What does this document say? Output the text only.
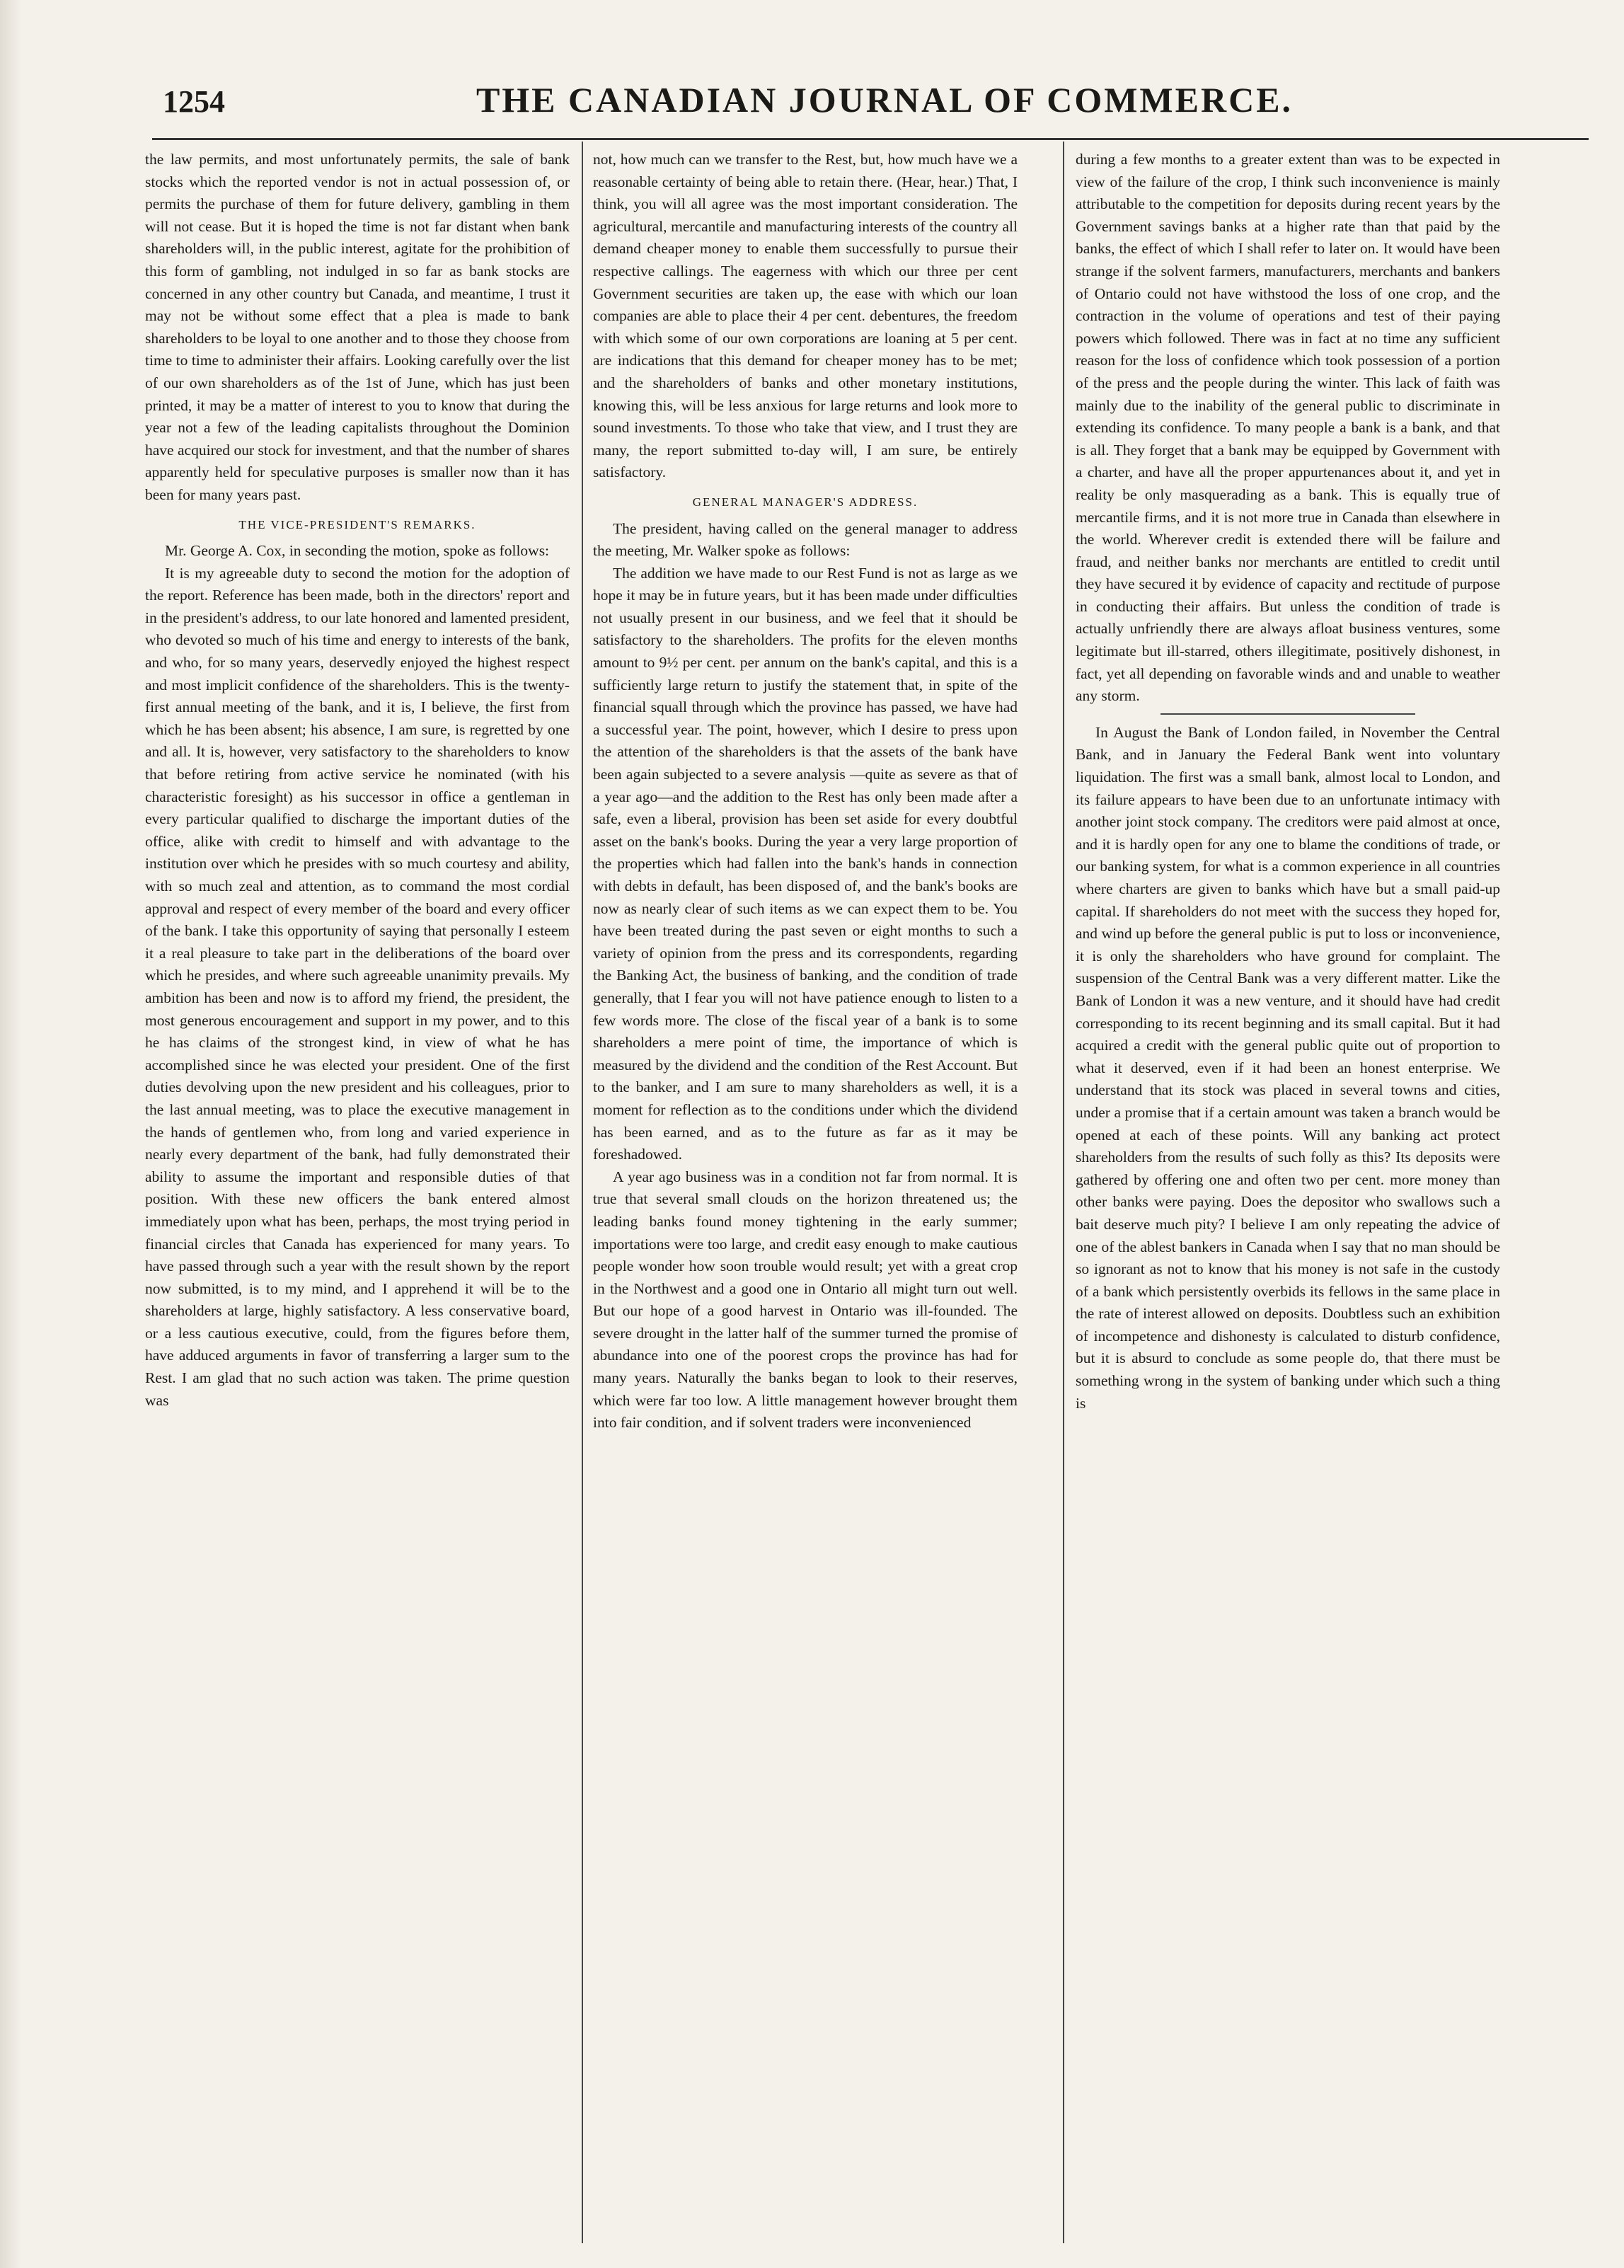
1254	THE CANADIAN JOURNAL OF COMMERCE.

the law permits, and most unfortunately permits, the sale of bank stocks which the reported vendor is not in actual possession of, or permits the purchase of them for future delivery, gambling in them will not cease. But it is hoped the time is not far distant when bank shareholders will, in the public interest, agitate for the prohibition of this form of gambling, not indulged in so far as bank stocks are concerned in any other country but Canada, and meantime, I trust it may not be without some effect that a plea is made to bank shareholders to be loyal to one another and to those they choose from time to time to administer their affairs. Looking carefully over the list of our own shareholders as of the 1st of June, which has just been printed, it may be a matter of interest to you to know that during the year not a few of the leading capitalists throughout the Dominion have acquired our stock for investment, and that the number of shares apparently held for speculative purposes is smaller now than it has been for many years past.

THE VICE-PRESIDENT'S REMARKS.

Mr. George A. Cox, in seconding the motion, spoke as follows:

It is my agreeable duty to second the motion for the adoption of the report. Reference has been made, both in the directors' report and in the president's address, to our late honored and lamented president, who devoted so much of his time and energy to interests of the bank, and who, for so many years, deservedly enjoyed the highest respect and most implicit confidence of the shareholders. This is the twenty-first annual meeting of the bank, and it is, I believe, the first from which he has been absent; his absence, I am sure, is regretted by one and all. It is, however, very satisfactory to the shareholders to know that before retiring from active service he nominated (with his characteristic foresight) as his successor in office a gentleman in every particular qualified to discharge the important duties of the office, alike with credit to himself and with advantage to the institution over which he presides with so much courtesy and ability, with so much zeal and attention, as to command the most cordial approval and respect of every member of the board and every officer of the bank. I take this opportunity of saying that personally I esteem it a real pleasure to take part in the deliberations of the board over which he presides, and where such agreeable unanimity prevails. My ambition has been and now is to afford my friend, the president, the most generous encouragement and support in my power, and to this he has claims of the strongest kind, in view of what he has accomplished since he was elected your president. One of the first duties devolving upon the new president and his colleagues, prior to the last annual meeting, was to place the executive management in the hands of gentlemen who, from long and varied experience in nearly every department of the bank, had fully demonstrated their ability to assume the important and responsible duties of that position. With these new officers the bank entered almost immediately upon what has been, perhaps, the most trying period in financial circles that Canada has experienced for many years. To have passed through such a year with the result shown by the report now submitted, is to my mind, and I apprehend it will be to the shareholders at large, highly satisfactory. A less conservative board, or a less cautious executive, could, from the figures before them, have adduced arguments in favor of transferring a larger sum to the Rest. I am glad that no such action was taken. The prime question was

not, how much can we transfer to the Rest, but, how much have we a reasonable certainty of being able to retain there. (Hear, hear.) That, I think, you will all agree was the most important consideration. The agricultural, mercantile and manufacturing interests of the country all demand cheaper money to enable them successfully to pursue their respective callings. The eagerness with which our three per cent Government securities are taken up, the ease with which our loan companies are able to place their 4 per cent. debentures, the freedom with which some of our own corporations are loaning at 5 per cent. are indications that this demand for cheaper money has to be met; and the shareholders of banks and other monetary institutions, knowing this, will be less anxious for large returns and look more to sound investments. To those who take that view, and I trust they are many, the report submitted to-day will, I am sure, be entirely satisfactory.

GENERAL MANAGER'S ADDRESS.

The president, having called on the general manager to address the meeting, Mr. Walker spoke as follows:

The addition we have made to our Rest Fund is not as large as we hope it may be in future years, but it has been made under difficulties not usually present in our business, and we feel that it should be satisfactory to the shareholders. The profits for the eleven months amount to 9½ per cent. per annum on the bank's capital, and this is a sufficiently large return to justify the statement that, in spite of the financial squall through which the province has passed, we have had a successful year. The point, however, which I desire to press upon the attention of the shareholders is that the assets of the bank have been again subjected to a severe analysis —quite as severe as that of a year ago—and the addition to the Rest has only been made after a safe, even a liberal, provision has been set aside for every doubtful asset on the bank's books. During the year a very large proportion of the properties which had fallen into the bank's hands in connection with debts in default, has been disposed of, and the bank's books are now as nearly clear of such items as we can expect them to be. You have been treated during the past seven or eight months to such a variety of opinion from the press and its correspondents, regarding the Banking Act, the business of banking, and the condition of trade generally, that I fear you will not have patience enough to listen to a few words more. The close of the fiscal year of a bank is to some shareholders a mere point of time, the importance of which is measured by the dividend and the condition of the Rest Account. But to the banker, and I am sure to many shareholders as well, it is a moment for reflection as to the conditions under which the dividend has been earned, and as to the future as far as it may be foreshadowed.

A year ago business was in a condition not far from normal. It is true that several small clouds on the horizon threatened us; the leading banks found money tightening in the early summer; importations were too large, and credit easy enough to make cautious people wonder how soon trouble would result; yet with a great crop in the Northwest and a good one in Ontario all might turn out well. But our hope of a good harvest in Ontario was ill-founded. The severe drought in the latter half of the summer turned the promise of abundance into one of the poorest crops the province has had for many years. Naturally the banks began to look to their reserves, which were far too low. A little management however brought them into fair condition, and if solvent traders were inconvenienced

during a few months to a greater extent than was to be expected in view of the failure of the crop, I think such inconvenience is mainly attributable to the competition for deposits during recent years by the Government savings banks at a higher rate than that paid by the banks, the effect of which I shall refer to later on. It would have been strange if the solvent farmers, manufacturers, merchants and bankers of Ontario could not have withstood the loss of one crop, and the contraction in the volume of operations and test of their paying powers which followed. There was in fact at no time any sufficient reason for the loss of confidence which took possession of a portion of the press and the people during the winter. This lack of faith was mainly due to the inability of the general public to discriminate in extending its confidence. To many people a bank is a bank, and that is all. They forget that a bank may be equipped by Government with a charter, and have all the proper appurtenances about it, and yet in reality be only masquerading as a bank. This is equally true of mercantile firms, and it is not more true in Canada than elsewhere in the world. Wherever credit is extended there will be failure and fraud, and neither banks nor merchants are entitled to credit until they have secured it by evidence of capacity and rectitude of purpose in conducting their affairs. But unless the condition of trade is actually unfriendly there are always afloat business ventures, some legitimate but ill-starred, others illegitimate, positively dishonest, in fact, yet all depending on favorable winds and and unable to weather any storm.

In August the Bank of London failed, in November the Central Bank, and in January the Federal Bank went into voluntary liquidation. The first was a small bank, almost local to London, and its failure appears to have been due to an unfortunate intimacy with another joint stock company. The creditors were paid almost at once, and it is hardly open for any one to blame the conditions of trade, or our banking system, for what is a common experience in all countries where charters are given to banks which have but a small paid-up capital. If shareholders do not meet with the success they hoped for, and wind up before the general public is put to loss or inconvenience, it is only the shareholders who have ground for complaint. The suspension of the Central Bank was a very different matter. Like the Bank of London it was a new venture, and it should have had credit corresponding to its recent beginning and its small capital. But it had acquired a credit with the general public quite out of proportion to what it deserved, even if it had been an honest enterprise. We understand that its stock was placed in several towns and cities, under a promise that if a certain amount was taken a branch would be opened at each of these points. Will any banking act protect shareholders from the results of such folly as this? Its deposits were gathered by offering one and often two per cent. more money than other banks were paying. Does the depositor who swallows such a bait deserve much pity? I believe I am only repeating the advice of one of the ablest bankers in Canada when I say that no man should be so ignorant as not to know that his money is not safe in the custody of a bank which persistently overbids its fellows in the same place in the rate of interest allowed on deposits. Doubtless such an exhibition of incompetence and dishonesty is calculated to disturb confidence, but it is absurd to conclude as some people do, that there must be something wrong in the system of banking under which such a thing is
